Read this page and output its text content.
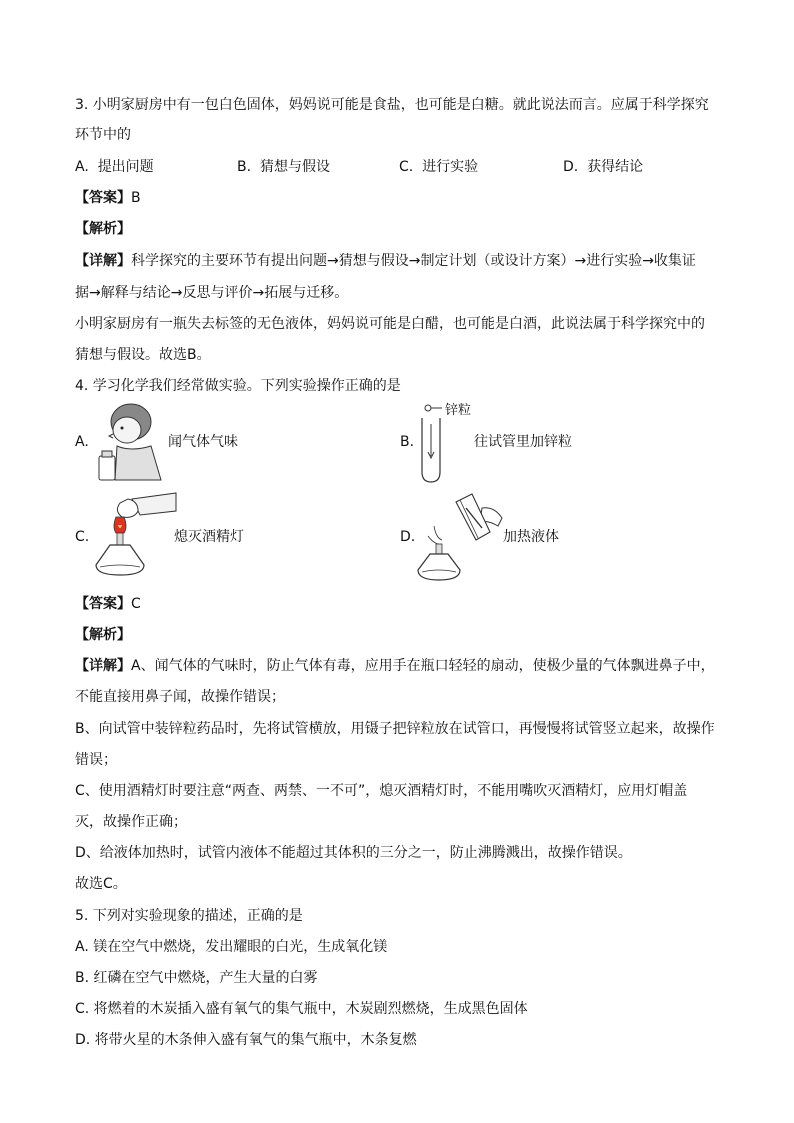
3. 小明家厨房中有一包白色固体，妈妈说可能是食盐，也可能是白糖。就此说法而言。应属于科学探究
环节中的
A. 提出问题	B. 猜想与假设	C. 进行实验	D. 获得结论
【答案】B
【解析】
【详解】科学探究的主要环节有提出问题→猜想与假设→制定计划（或设计方案）→进行实验→收集证
据→解释与结论→反思与评价→拓展与迁移。
小明家厨房有一瓶失去标签的无色液体，妈妈说可能是白醋，也可能是白酒，此说法属于科学探究中的
猜想与假设。故选B。
4. 学习化学我们经常做实验。下列实验操作正确的是
A.	闻气体气味	B.
锌粒
往试管里加锌粒
C.	熄灭酒精灯	D.	加热液体
【答案】C
【解析】
【详解】A、闻气体的气味时，防止气体有毒，应用手在瓶口轻轻的扇动，使极少量的气体飘进鼻子中，
不能直接用鼻子闻，故操作错误；
B、向试管中装锌粒药品时，先将试管横放，用镊子把锌粒放在试管口，再慢慢将试管竖立起来，故操作
错误；
C、使用酒精灯时要注意“两查、两禁、一不可”，熄灭酒精灯时，不能用嘴吹灭酒精灯，应用灯帽盖
灭，故操作正确；
D、给液体加热时，试管内液体不能超过其体积的三分之一，防止沸腾溅出，故操作错误。
故选C。
5. 下列对实验现象的描述，正确的是
A. 镁在空气中燃烧，发出耀眼的白光，生成氧化镁
B. 红磷在空气中燃烧，产生大量的白雾
C. 将燃着的木炭插入盛有氧气的集气瓶中，木炭剧烈燃烧，生成黑色固体
D. 将带火星的木条伸入盛有氧气的集气瓶中，木条复燃
